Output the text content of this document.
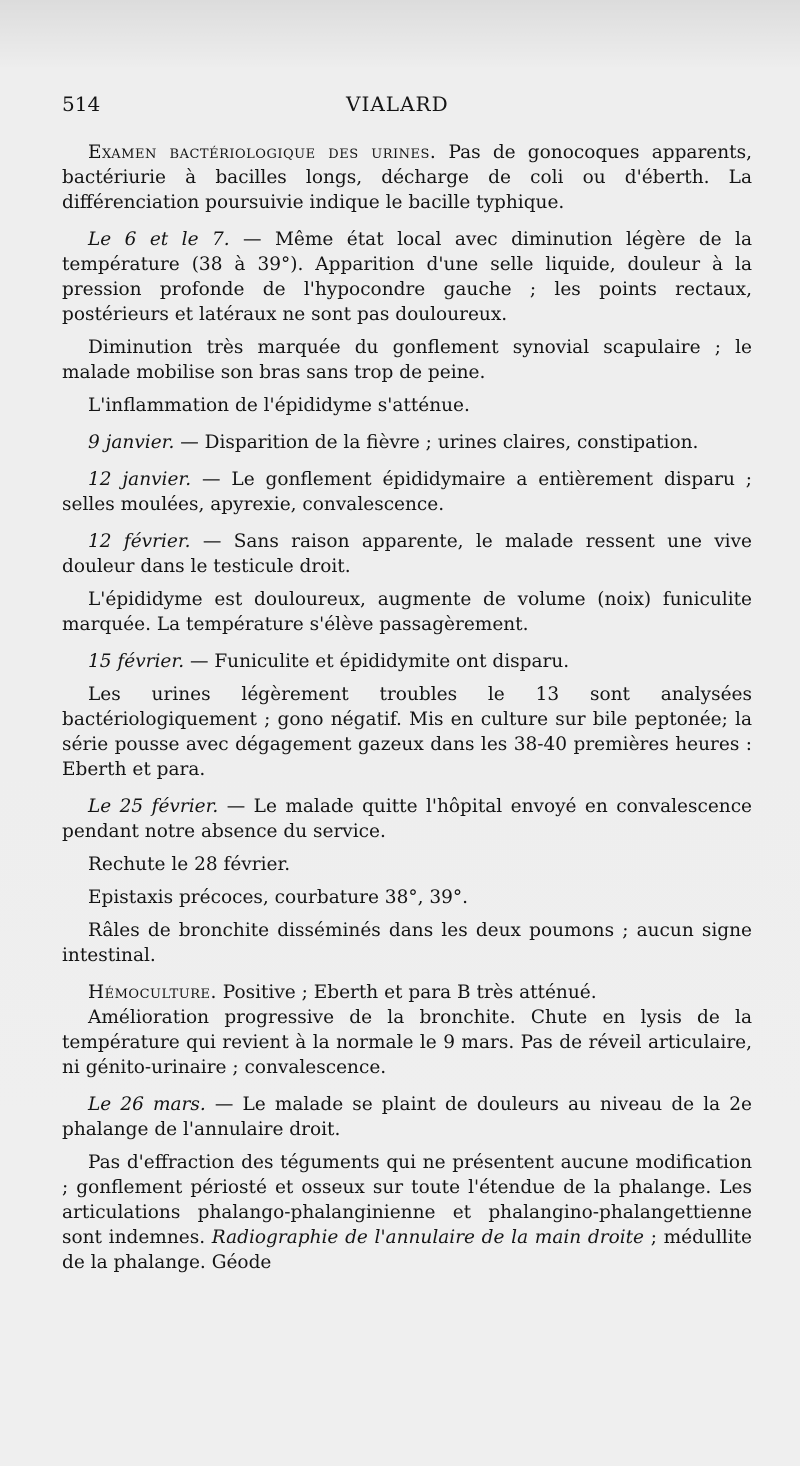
514	VIALARD

Examen bactériologique des urines. Pas de gonocoques apparents, bactériurie à bacilles longs, décharge de coli ou d'éberth. La différenciation poursuivie indique le bacille typhique.

Le 6 et le 7. — Même état local avec diminution légère de la température (38 à 39°). Apparition d'une selle liquide, douleur à la pression profonde de l'hypocondre gauche ; les points rectaux, postérieurs et latéraux ne sont pas douloureux.

Diminution très marquée du gonflement synovial scapulaire ; le malade mobilise son bras sans trop de peine.

L'inflammation de l'épididyme s'atténue.

9 janvier. — Disparition de la fièvre ; urines claires, constipation.

12 janvier. — Le gonflement épididymaire a entièrement disparu ; selles moulées, apyrexie, convalescence.

12 février. — Sans raison apparente, le malade ressent une vive douleur dans le testicule droit.

L'épididyme est douloureux, augmente de volume (noix) funiculite marquée. La température s'élève passagèrement.

15 février. — Funiculite et épididymite ont disparu.

Les urines légèrement troubles le 13 sont analysées bactériologiquement ; gono négatif. Mis en culture sur bile peptonée; la série pousse avec dégagement gazeux dans les 38-40 premières heures : Eberth et para.

Le 25 février. — Le malade quitte l'hôpital envoyé en convalescence pendant notre absence du service.

Rechute le 28 février.

Epistaxis précoces, courbature 38°, 39°.

Râles de bronchite disséminés dans les deux poumons ; aucun signe intestinal.

Hémoculture. Positive ; Eberth et para B très atténué.

Amélioration progressive de la bronchite. Chute en lysis de la température qui revient à la normale le 9 mars. Pas de réveil articulaire, ni génito-urinaire ; convalescence.

Le 26 mars. — Le malade se plaint de douleurs au niveau de la 2e phalange de l'annulaire droit.

Pas d'effraction des téguments qui ne présentent aucune modification ; gonflement périosté et osseux sur toute l'étendue de la phalange. Les articulations phalango-phalanginienne et phalangino-phalangettienne sont indemnes. Radiographie de l'annulaire de la main droite ; médullite de la phalange. Géode
